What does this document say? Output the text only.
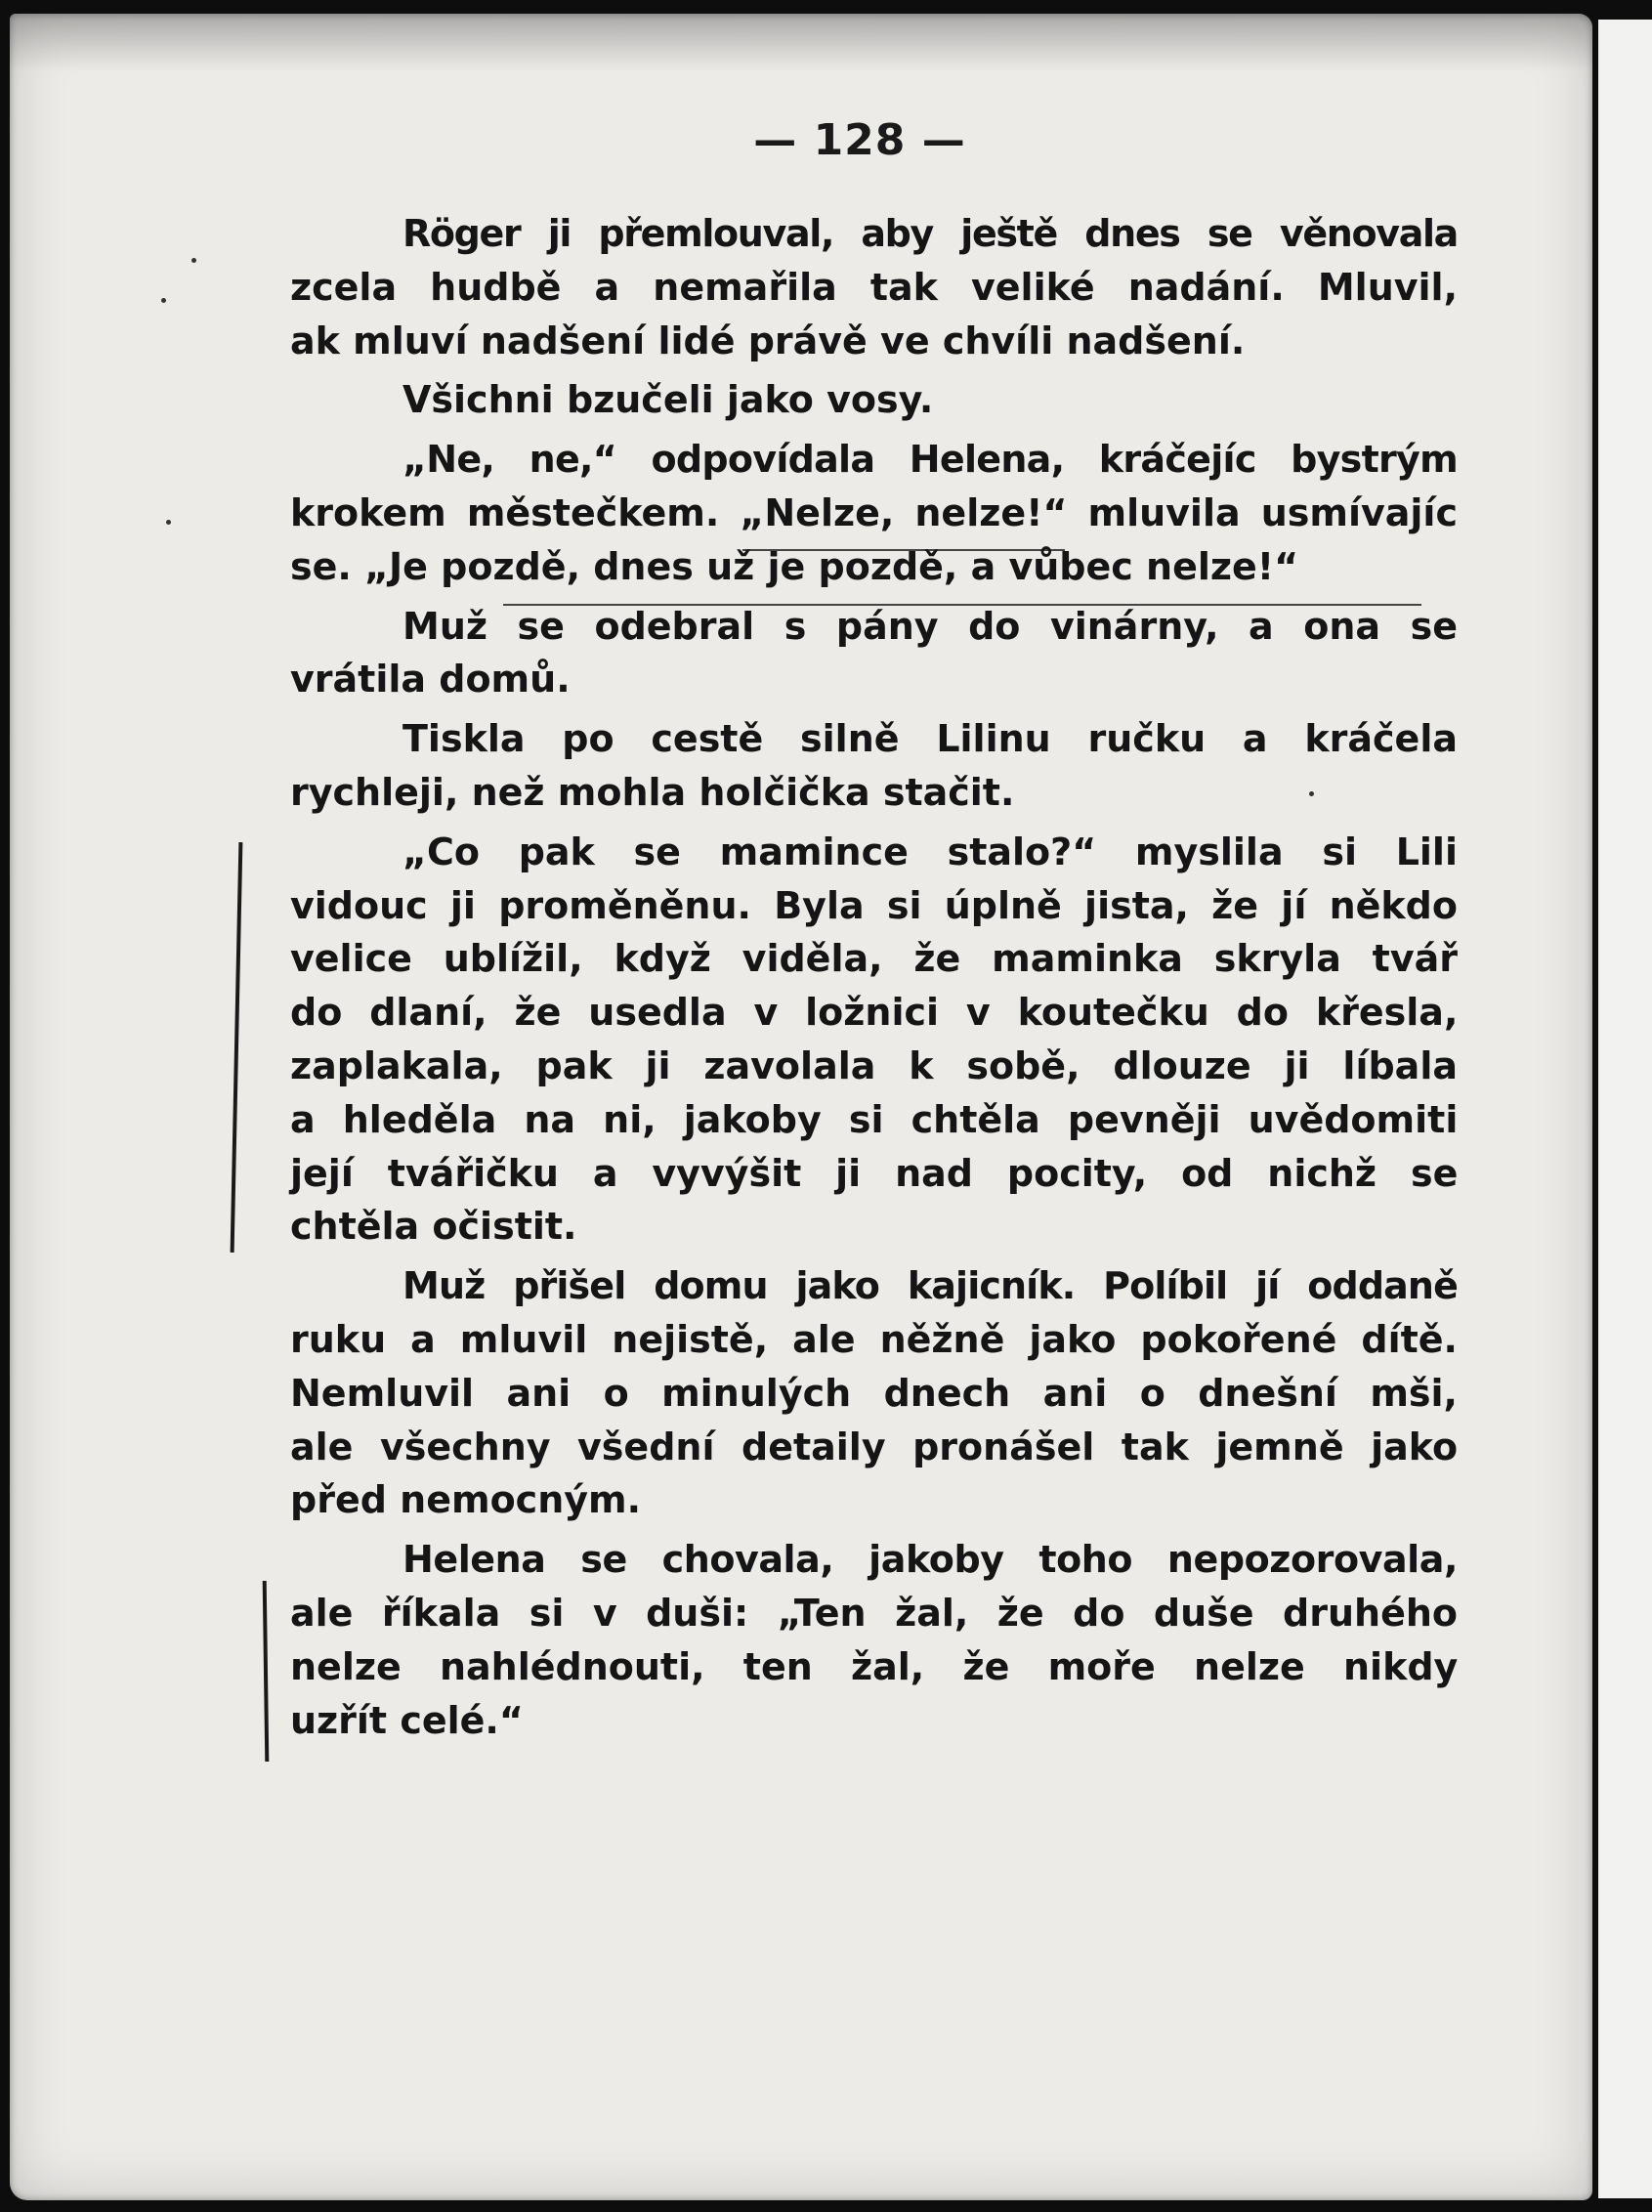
— 128 —
Röger ji přemlouval, aby ještě dnes se věnovala
zcela hudbě a nemařila tak veliké nadání. Mluvil,
ak mluví nadšení lidé právě ve chvíli nadšení.
Všichni bzučeli jako vosy.
„Ne, ne,“ odpovídala Helena, kráčejíc bystrým
krokem městečkem. „Nelze, nelze!“ mluvila usmívajíc
se. „Je pozdě, dnes už je pozdě, a vůbec nelze!“
Muž se odebral s pány do vinárny, a ona se
vrátila domů.
Tiskla po cestě silně Lilinu ručku a kráčela
rychleji, než mohla holčička stačit.
„Co pak se mamince stalo?“ myslila si Lili
vidouc ji proměněnu. Byla si úplně jista, že jí někdo
velice ublížil, když viděla, že maminka skryla tvář
do dlaní, že usedla v ložnici v koutečku do křesla,
zaplakala, pak ji zavolala k sobě, dlouze ji líbala
a hleděla na ni, jakoby si chtěla pevněji uvědomiti
její tvářičku a vyvýšit ji nad pocity, od nichž se
chtěla očistit.
Muž přišel domu jako kajicník. Políbil jí oddaně
ruku a mluvil nejistě, ale něžně jako pokořené dítě.
Nemluvil ani o minulých dnech ani o dnešní mši,
ale všechny všední detaily pronášel tak jemně jako
před nemocným.
Helena se chovala, jakoby toho nepozorovala,
ale říkala si v duši: „Ten žal, že do duše druhého
nelze nahlédnouti, ten žal, že moře nelze nikdy
uzřít celé.“
